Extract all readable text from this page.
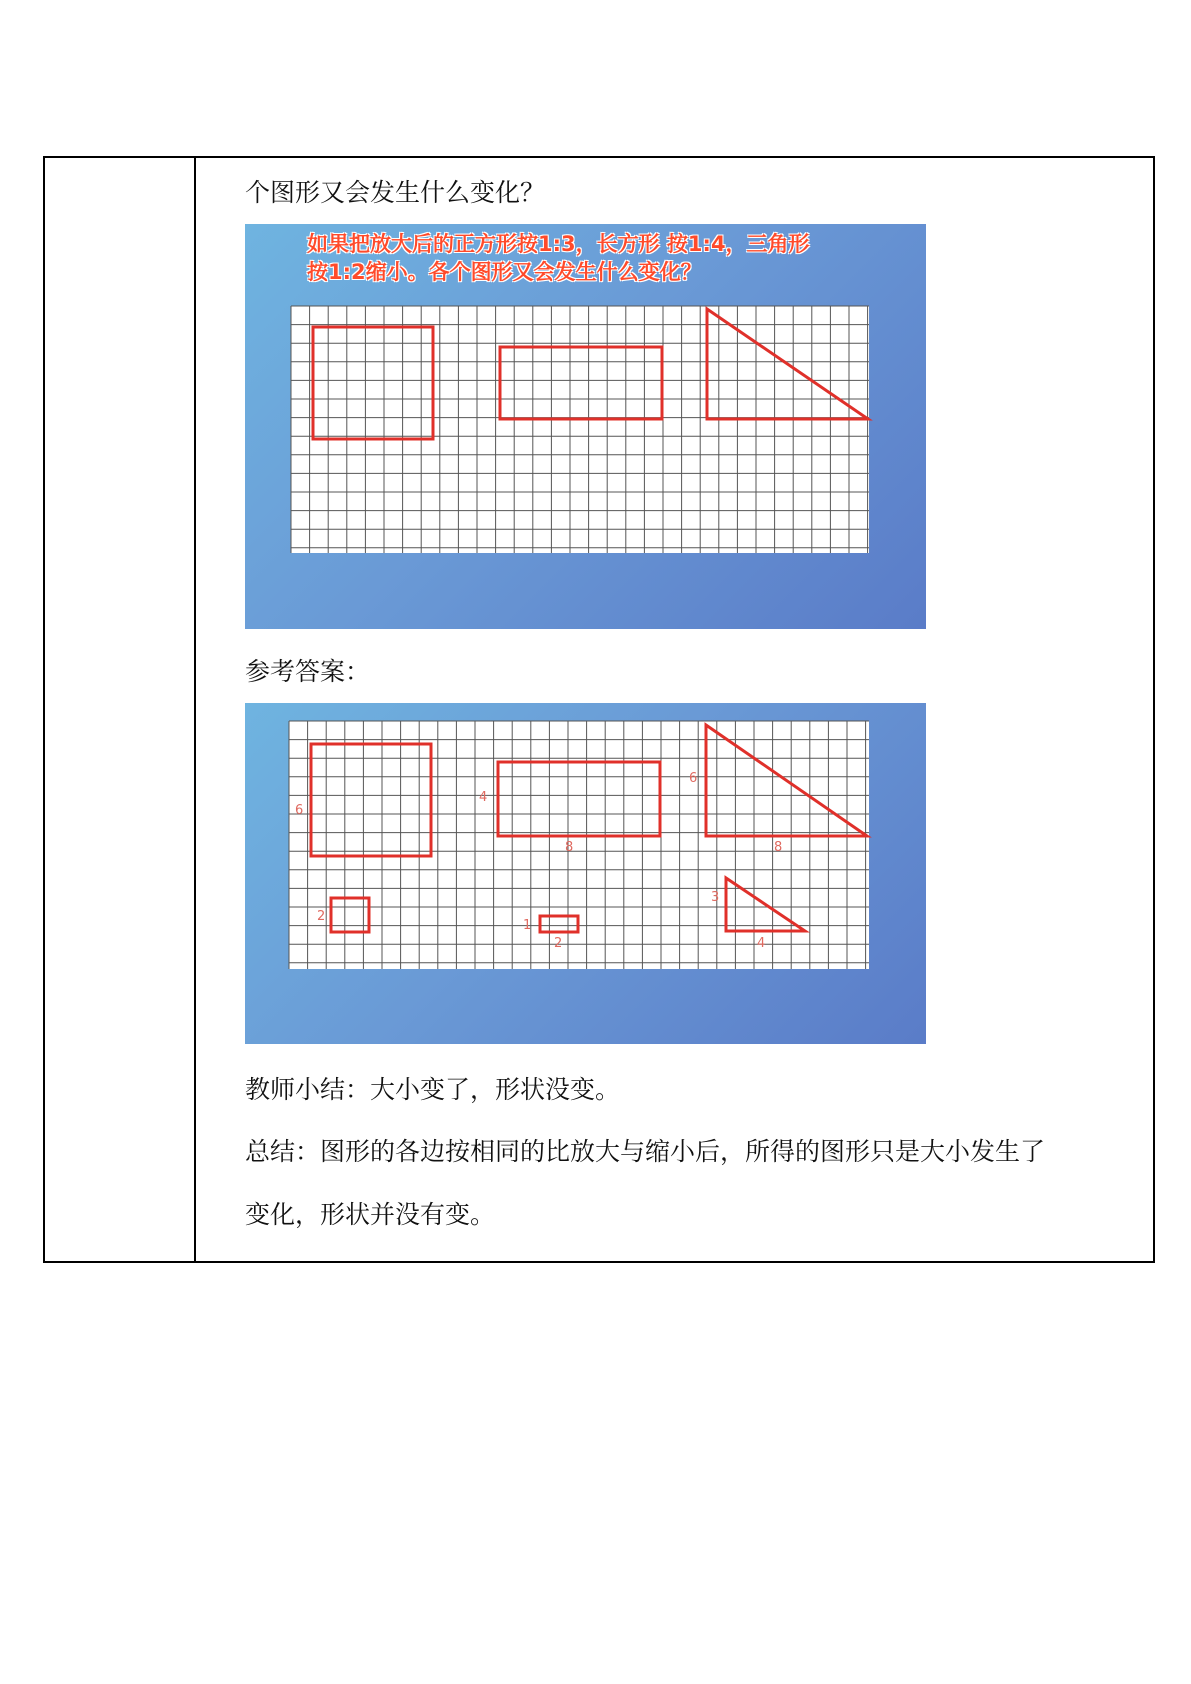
个图形又会发生什么变化？
如果把放大后的正方形按1:3，长方形 按1:4，三角形
按1:2缩小。各个图形又会发生什么变化？
参考答案：
6
4
8
6
8
2
1
2
3
4
教师小结：大小变了，形状没变。
总结：图形的各边按相同的比放大与缩小后，所得的图形只是大小发生了
变化，形状并没有变。
